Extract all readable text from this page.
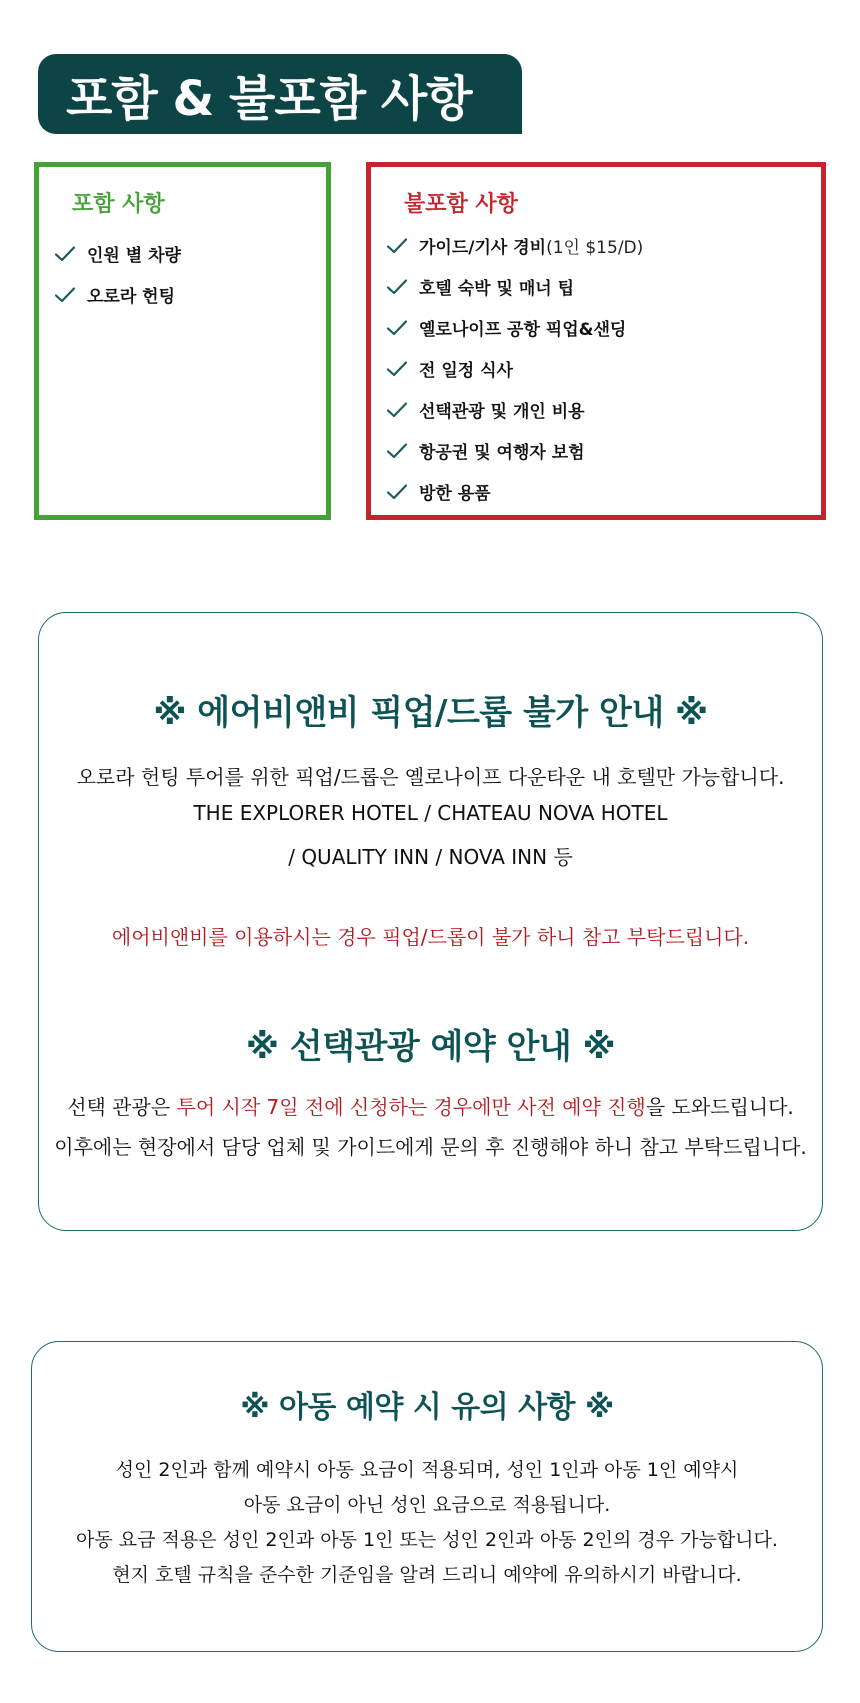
포함 & 불포함 사항
포함 사항
인원 별 차량
오로라 헌팅
불포함 사항
가이드/기사 경비 (1인 $15/D)
호텔 숙박 및 매너 팁
옐로나이프 공항 픽업&샌딩
전 일정 식사
선택관광 및 개인 비용
항공권 및 여행자 보험
방한 용품
※ 에어비앤비 픽업/드롭 불가 안내 ※
오로라 헌팅 투어를 위한 픽업/드롭은 옐로나이프 다운타운 내 호텔만 가능합니다.
THE EXPLORER HOTEL / CHATEAU NOVA HOTEL
/ QUALITY INN / NOVA INN 등
에어비앤비를 이용하시는 경우 픽업/드롭이 불가 하니 참고 부탁드립니다.
※ 선택관광 예약 안내 ※
선택 관광은 투어 시작 7일 전에 신청하는 경우에만 사전 예약 진행을 도와드립니다.
이후에는 현장에서 담당 업체 및 가이드에게 문의 후 진행해야 하니 참고 부탁드립니다.
※ 아동 예약 시 유의 사항 ※
성인 2인과 함께 예약시 아동 요금이 적용되며, 성인 1인과 아동 1인 예약시
아동 요금이 아닌 성인 요금으로 적용됩니다.
아동 요금 적용은 성인 2인과 아동 1인 또는 성인 2인과 아동 2인의 경우 가능합니다.
현지 호텔 규칙을 준수한 기준임을 알려 드리니 예약에 유의하시기 바랍니다.
